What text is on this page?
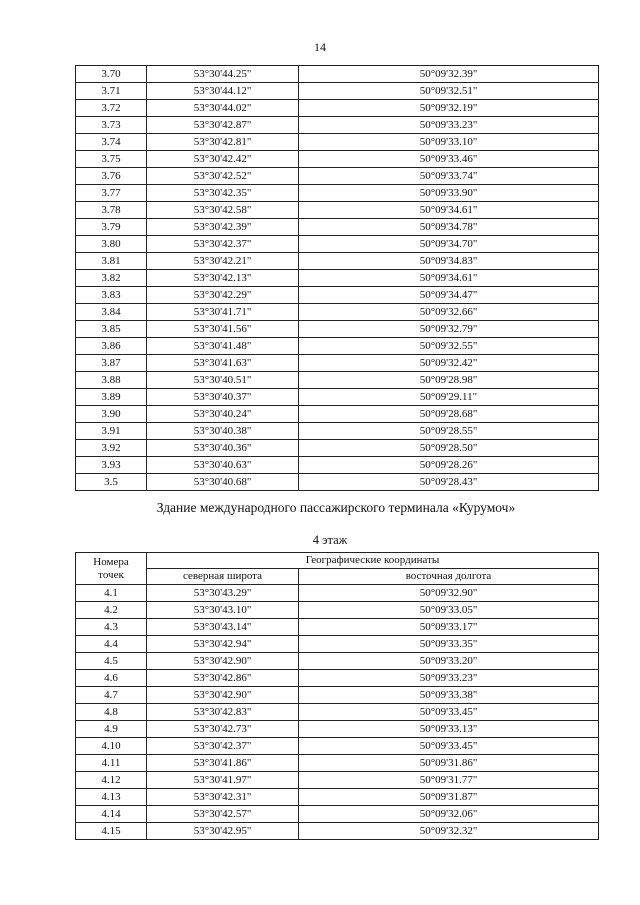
14
3.70	53°30'44.25"	50°09'32.39"
3.71	53°30'44.12"	50°09'32.51"
3.72	53°30'44.02"	50°09'32.19"
3.73	53°30'42.87"	50°09'33.23"
3.74	53°30'42.81"	50°09'33.10"
3.75	53°30'42.42"	50°09'33.46"
3.76	53°30'42.52"	50°09'33.74"
3.77	53°30'42.35"	50°09'33.90"
3.78	53°30'42.58"	50°09'34.61"
3.79	53°30'42.39"	50°09'34.78"
3.80	53°30'42.37"	50°09'34.70"
3.81	53°30'42.21"	50°09'34.83"
3.82	53°30'42.13"	50°09'34.61"
3.83	53°30'42.29"	50°09'34.47"
3.84	53°30'41.71"	50°09'32.66"
3.85	53°30'41.56"	50°09'32.79"
3.86	53°30'41.48"	50°09'32.55"
3.87	53°30'41.63"	50°09'32.42"
3.88	53°30'40.51"	50°09'28.98"
3.89	53°30'40.37"	50°09'29.11"
3.90	53°30'40.24"	50°09'28.68"
3.91	53°30'40.38"	50°09'28.55"
3.92	53°30'40.36"	50°09'28.50"
3.93	53°30'40.63"	50°09'28.26"
3.5	53°30'40.68"	50°09'28.43"
Здание международного пассажирского терминала «Курумоч»
4 этаж
Номера
точек	Географические координаты	
	северная широта	восточная долгота
4.1	53°30'43.29"	50°09'32.90"
4.2	53°30'43.10"	50°09'33.05"
4.3	53°30'43.14"	50°09'33.17"
4.4	53°30'42.94"	50°09'33.35"
4.5	53°30'42.90"	50°09'33.20"
4.6	53°30'42.86"	50°09'33.23"
4.7	53°30'42.90"	50°09'33.38"
4.8	53°30'42.83"	50°09'33.45"
4.9	53°30'42.73"	50°09'33.13"
4.10	53°30'42.37"	50°09'33.45"
4.11	53°30'41.86"	50°09'31.86"
4.12	53°30'41.97"	50°09'31.77"
4.13	53°30'42.31"	50°09'31.87"
4.14	53°30'42.57"	50°09'32.06"
4.15	53°30'42.95"	50°09'32.32"
